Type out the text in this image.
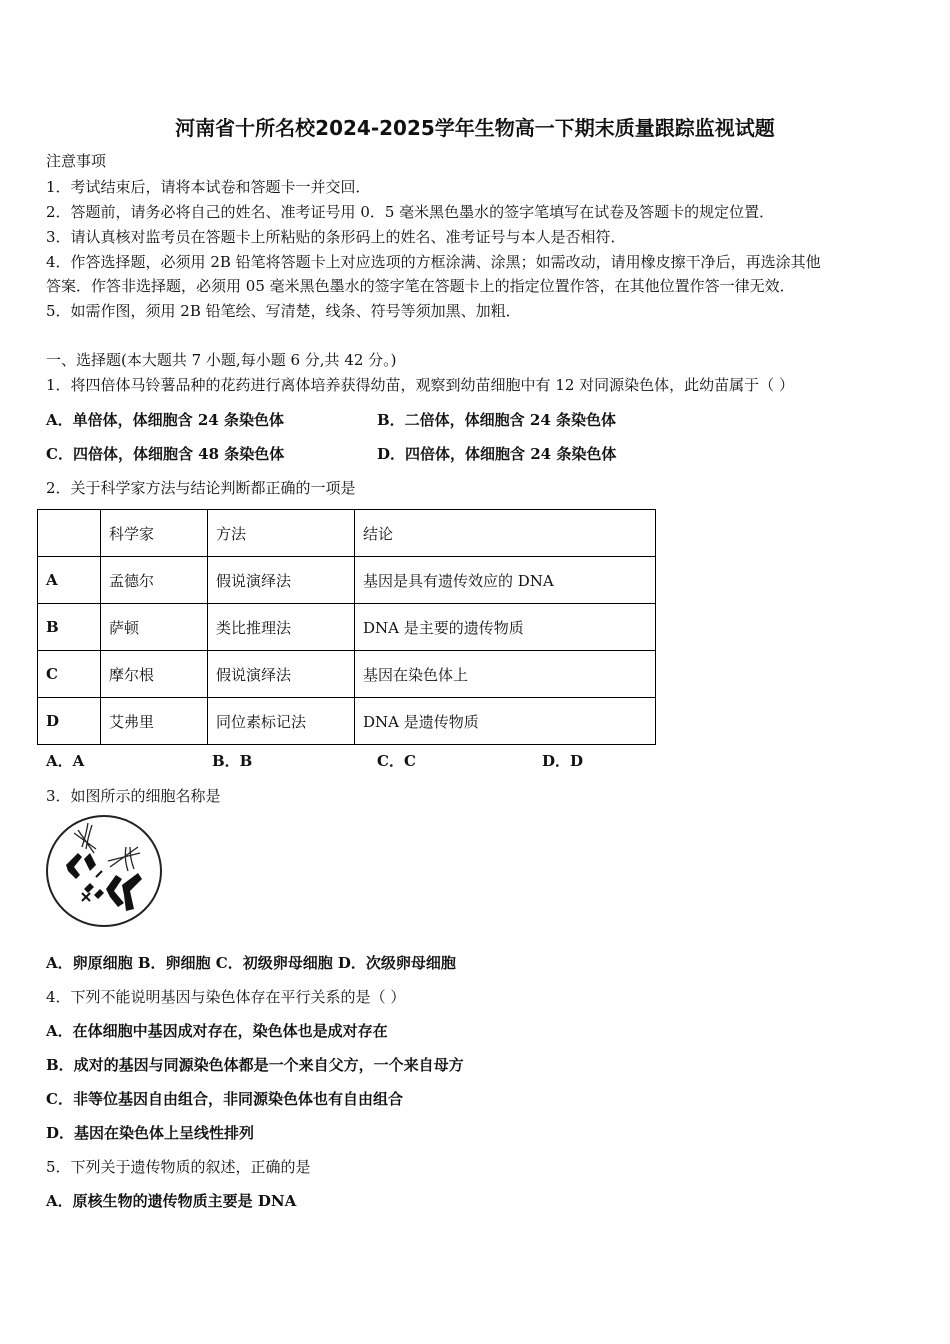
河南省十所名校2024-2025学年生物高一下期末质量跟踪监视试题
注意事项
1．考试结束后，请将本试卷和答题卡一并交回．
2．答题前，请务必将自己的姓名、准考证号用 0．5 毫米黑色墨水的签字笔填写在试卷及答题卡的规定位置．
3．请认真核对监考员在答题卡上所粘贴的条形码上的姓名、准考证号与本人是否相符．
4．作答选择题，必须用 2B 铅笔将答题卡上对应选项的方框涂满、涂黑；如需改动，请用橡皮擦干净后，再选涂其他
答案．作答非选择题，必须用 05 毫米黑色墨水的签字笔在答题卡上的指定位置作答，在其他位置作答一律无效．
5．如需作图，须用 2B 铅笔绘、写清楚，线条、符号等须加黑、加粗．
一、选择题(本大题共 7 小题,每小题 6 分,共 42 分。)
1．将四倍体马铃薯品种的花药进行离体培养获得幼苗，观察到幼苗细胞中有 12 对同源染色体，此幼苗属于（ ）
A．单倍体，体细胞含 24 条染色体	B．二倍体，体细胞含 24 条染色体
C．四倍体，体细胞含 48 条染色体	D．四倍体，体细胞含 24 条染色体
2．关于科学家方法与结论判断都正确的一项是
	科学家	方法	结论
A	孟德尔	假说演绎法	基因是具有遗传效应的 DNA
B	萨顿	类比推理法	DNA 是主要的遗传物质
C	摩尔根	假说演绎法	基因在染色体上
D	艾弗里	同位素标记法	DNA 是遗传物质
A．A	B．B	C．C	D．D
3．如图所示的细胞名称是
A．卵原细胞 B．卵细胞 C．初级卵母细胞 D．次级卵母细胞
4．下列不能说明基因与染色体存在平行关系的是（ ）
A．在体细胞中基因成对存在，染色体也是成对存在
B．成对的基因与同源染色体都是一个来自父方，一个来自母方
C．非等位基因自由组合，非同源染色体也有自由组合
D．基因在染色体上呈线性排列
5．下列关于遗传物质的叙述，正确的是
A．原核生物的遗传物质主要是 DNA
